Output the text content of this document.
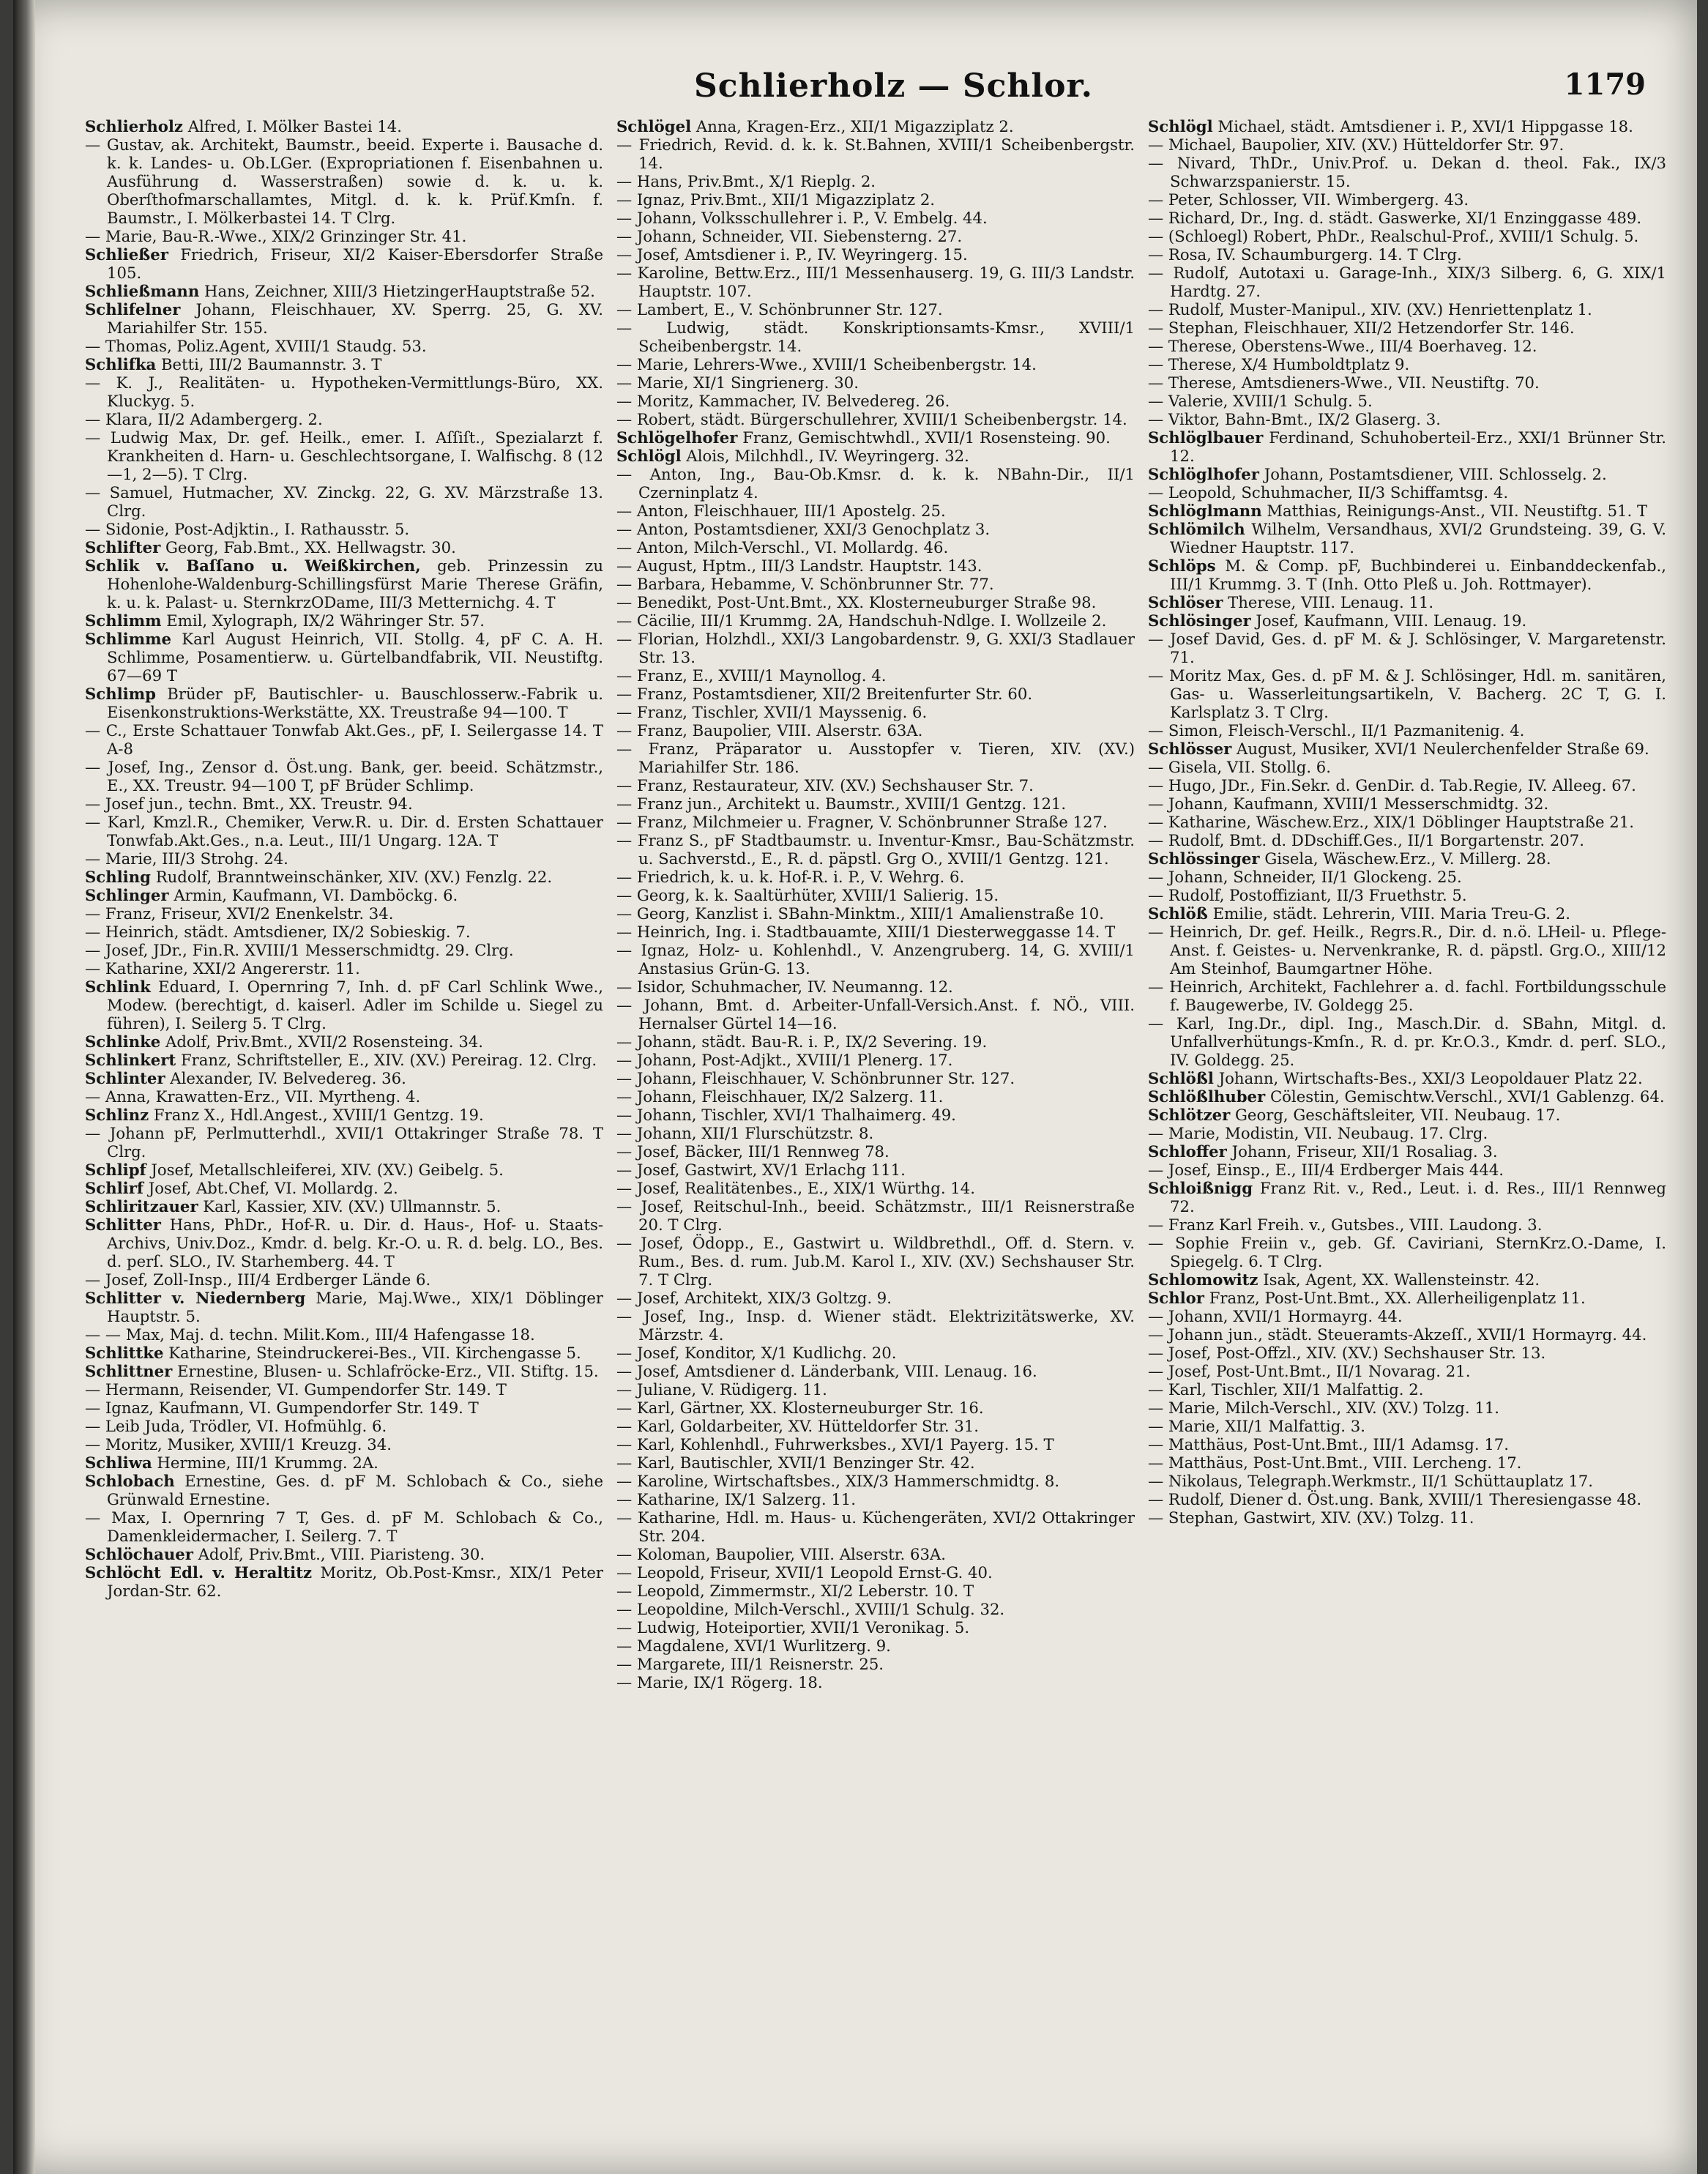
Schlierholz — Schlor.	1179
Schlierholz Alfred, I. Mölker Bastei 14.
— Gustav, ak. Architekt, Baumstr., beeid. Experte i. Bausache d. k. k. Landes- u. Ob.LGer. (Expropriationen f. Eisenbahnen u. Ausführung d. Wasserstraßen) sowie d. k. u. k. Oberſthofmarschallamtes, Mitgl. d. k. k. Prüf.Kmſn. f. Baumstr., I. Mölkerbastei 14. T Clrg.
— Marie, Bau-R.-Wwe., XIX/2 Grinzinger Str. 41.
Schließer Friedrich, Friseur, XI/2 Kaiser-Ebersdorfer Straße 105.
Schließmann Hans, Zeichner, XIII/3 HietzingerHauptstraße 52.
Schlifelner Johann, Fleischhauer, XV. Sperrg. 25, G. XV. Mariahilfer Str. 155.
— Thomas, Poliz.Agent, XVIII/1 Staudg. 53.
Schlifka Betti, III/2 Baumannstr. 3. T
— K. J., Realitäten- u. Hypotheken-Vermittlungs-Büro, XX. Kluckyg. 5.
— Klara, II/2 Adambergerg. 2.
— Ludwig Max, Dr. gef. Heilk., emer. I. Aſſiſt., Spezialarzt f. Krankheiten d. Harn- u. Geschlechtsorgane, I. Walfischg. 8 (12—1, 2—5). T Clrg.
— Samuel, Hutmacher, XV. Zinckg. 22, G. XV. Märzstraße 13. Clrg.
— Sidonie, Post-Adjktin., I. Rathausstr. 5.
Schlifter Georg, Fab.Bmt., XX. Hellwagstr. 30.
Schlik v. Baſſano u. Weißkirchen, geb. Prinzessin zu Hohenlohe-Waldenburg-Schillingsfürst Marie Therese Gräfin, k. u. k. Palast- u. SternkrzODame, III/3 Metternichg. 4. T
Schlimm Emil, Xylograph, IX/2 Währinger Str. 57.
Schlimme Karl August Heinrich, VII. Stollg. 4, pF C. A. H. Schlimme, Posamentierw. u. Gürtelbandfabrik, VII. Neustiftg. 67—69 T
Schlimp Brüder pF, Bautischler- u. Bauschlosserw.-Fabrik u. Eisenkonstruktions-Werkstätte, XX. Treustraße 94—100. T
— C., Erste Schattauer Tonwfab Akt.Ges., pF, I. Seilergasse 14. T A-8
— Josef, Ing., Zensor d. Öst.ung. Bank, ger. beeid. Schätzmstr., E., XX. Treustr. 94—100 T, pF Brüder Schlimp.
— Josef jun., techn. Bmt., XX. Treustr. 94.
— Karl, Kmzl.R., Chemiker, Verw.R. u. Dir. d. Ersten Schattauer Tonwfab.Akt.Ges., n.a. Leut., III/1 Ungarg. 12A. T
— Marie, III/3 Strohg. 24.
Schling Rudolf, Branntweinschänker, XIV. (XV.) Fenzlg. 22.
Schlinger Armin, Kaufmann, VI. Damböckg. 6.
— Franz, Friseur, XVI/2 Enenkelstr. 34.
— Heinrich, städt. Amtsdiener, IX/2 Sobieskig. 7.
— Josef, JDr., Fin.R. XVIII/1 Messerschmidtg. 29. Clrg.
— Katharine, XXI/2 Angererstr. 11.
Schlink Eduard, I. Opernring 7, Inh. d. pF Carl Schlink Wwe., Modew. (berechtigt, d. kaiserl. Adler im Schilde u. Siegel zu führen), I. Seilerg 5. T Clrg.
Schlinke Adolf, Priv.Bmt., XVII/2 Rosensteing. 34.
Schlinkert Franz, Schriftsteller, E., XIV. (XV.) Pereirag. 12. Clrg.
Schlinter Alexander, IV. Belvedereg. 36.
— Anna, Krawatten-Erz., VII. Myrtheng. 4.
Schlinz Franz X., Hdl.Angest., XVIII/1 Gentzg. 19.
— Johann pF, Perlmutterhdl., XVII/1 Ottakringer Straße 78. T Clrg.
Schlipf Josef, Metallschleiferei, XIV. (XV.) Geibelg. 5.
Schlirf Josef, Abt.Chef, VI. Mollardg. 2.
Schliritzauer Karl, Kassier, XIV. (XV.) Ullmannstr. 5.
Schlitter Hans, PhDr., Hof-R. u. Dir. d. Haus-, Hof- u. Staats-Archivs, Univ.Doz., Kmdr. d. belg. Kr.-O. u. R. d. belg. LO., Bes. d. perſ. SLO., IV. Starhemberg. 44. T
— Josef, Zoll-Insp., III/4 Erdberger Lände 6.
Schlitter v. Niedernberg Marie, Maj.Wwe., XIX/1 Döblinger Hauptstr. 5.
— — Max, Maj. d. techn. Milit.Kom., III/4 Hafengasse 18.
Schlittke Katharine, Steindruckerei-Bes., VII. Kirchengasse 5.
Schlittner Ernestine, Blusen- u. Schlafröcke-Erz., VII. Stiftg. 15.
— Hermann, Reisender, VI. Gumpendorfer Str. 149. T
— Ignaz, Kaufmann, VI. Gumpendorfer Str. 149. T
— Leib Juda, Trödler, VI. Hofmühlg. 6.
— Moritz, Musiker, XVIII/1 Kreuzg. 34.
Schliwa Hermine, III/1 Krummg. 2A.
Schlobach Ernestine, Ges. d. pF M. Schlobach & Co., siehe Grünwald Ernestine.
— Max, I. Opernring 7 T, Ges. d. pF M. Schlobach & Co., Damenkleidermacher, I. Seilerg. 7. T
Schlöchauer Adolf, Priv.Bmt., VIII. Piaristeng. 30.
Schlöcht Edl. v. Heraltitz Moritz, Ob.Post-Kmsr., XIX/1 Peter Jordan-Str. 62.
Schlögel Anna, Kragen-Erz., XII/1 Migazziplatz 2.
— Friedrich, Revid. d. k. k. St.Bahnen, XVIII/1 Scheibenbergstr. 14.
— Hans, Priv.Bmt., X/1 Rieplg. 2.
— Ignaz, Priv.Bmt., XII/1 Migazziplatz 2.
— Johann, Volksschullehrer i. P., V. Embelg. 44.
— Johann, Schneider, VII. Siebensterng. 27.
— Josef, Amtsdiener i. P., IV. Weyringerg. 15.
— Karoline, Bettw.Erz., III/1 Messenhauserg. 19, G. III/3 Landstr. Hauptstr. 107.
— Lambert, E., V. Schönbrunner Str. 127.
— Ludwig, städt. Konskriptionsamts-Kmsr., XVIII/1 Scheibenbergstr. 14.
— Marie, Lehrers-Wwe., XVIII/1 Scheibenbergstr. 14.
— Marie, XI/1 Singrienerg. 30.
— Moritz, Kammacher, IV. Belvedereg. 26.
— Robert, städt. Bürgerschullehrer, XVIII/1 Scheibenbergstr. 14.
Schlögelhofer Franz, Gemischtwhdl., XVII/1 Rosensteing. 90.
Schlögl Alois, Milchhdl., IV. Weyringerg. 32.
— Anton, Ing., Bau-Ob.Kmsr. d. k. k. NBahn-Dir., II/1 Czerninplatz 4.
— Anton, Fleischhauer, III/1 Apostelg. 25.
— Anton, Postamtsdiener, XXI/3 Genochplatz 3.
— Anton, Milch-Verschl., VI. Mollardg. 46.
— August, Hptm., III/3 Landstr. Hauptstr. 143.
— Barbara, Hebamme, V. Schönbrunner Str. 77.
— Benedikt, Post-Unt.Bmt., XX. Klosterneuburger Straße 98.
— Cäcilie, III/1 Krummg. 2A, Handschuh-Ndlge. I. Wollzeile 2.
— Florian, Holzhdl., XXI/3 Langobardenstr. 9, G. XXI/3 Stadlauer Str. 13.
— Franz, E., XVIII/1 Maynollog. 4.
— Franz, Postamtsdiener, XII/2 Breitenfurter Str. 60.
— Franz, Tischler, XVII/1 Mayssenig. 6.
— Franz, Baupolier, VIII. Alserstr. 63A.
— Franz, Präparator u. Ausstopfer v. Tieren, XIV. (XV.) Mariahilfer Str. 186.
— Franz, Restaurateur, XIV. (XV.) Sechshauser Str. 7.
— Franz jun., Architekt u. Baumstr., XVIII/1 Gentzg. 121.
— Franz, Milchmeier u. Fragner, V. Schönbrunner Straße 127.
— Franz S., pF Stadtbaumstr. u. Inventur-Kmsr., Bau-Schätzmstr. u. Sachverstd., E., R. d. päpstl. Grg O., XVIII/1 Gentzg. 121.
— Friedrich, k. u. k. Hof-R. i. P., V. Wehrg. 6.
— Georg, k. k. Saaltürhüter, XVIII/1 Salierig. 15.
— Georg, Kanzlist i. SBahn-Minktm., XIII/1 Amalienstraße 10.
— Heinrich, Ing. i. Stadtbauamte, XIII/1 Diesterweggasse 14. T
— Ignaz, Holz- u. Kohlenhdl., V. Anzengruberg. 14, G. XVIII/1 Anstasius Grün-G. 13.
— Isidor, Schuhmacher, IV. Neumanng. 12.
— Johann, Bmt. d. Arbeiter-Unfall-Versich.Anst. f. NÖ., VIII. Hernalser Gürtel 14—16.
— Johann, städt. Bau-R. i. P., IX/2 Severing. 19.
— Johann, Post-Adjkt., XVIII/1 Plenerg. 17.
— Johann, Fleischhauer, V. Schönbrunner Str. 127.
— Johann, Fleischhauer, IX/2 Salzerg. 11.
— Johann, Tischler, XVI/1 Thalhaimerg. 49.
— Johann, XII/1 Flurschützstr. 8.
— Josef, Bäcker, III/1 Rennweg 78.
— Josef, Gastwirt, XV/1 Erlachg 111.
— Josef, Realitätenbes., E., XIX/1 Würthg. 14.
— Josef, Reitschul-Inh., beeid. Schätzmstr., III/1 Reisnerstraße 20. T Clrg.
— Josef, Ödopp., E., Gastwirt u. Wildbrethdl., Off. d. Stern. v. Rum., Bes. d. rum. Jub.M. Karol I., XIV. (XV.) Sechshauser Str. 7. T Clrg.
— Josef, Architekt, XIX/3 Goltzg. 9.
— Josef, Ing., Insp. d. Wiener städt. Elektrizitätswerke, XV. Märzstr. 4.
— Josef, Konditor, X/1 Kudlichg. 20.
— Josef, Amtsdiener d. Länderbank, VIII. Lenaug. 16.
— Juliane, V. Rüdigerg. 11.
— Karl, Gärtner, XX. Klosterneuburger Str. 16.
— Karl, Goldarbeiter, XV. Hütteldorfer Str. 31.
— Karl, Kohlenhdl., Fuhrwerksbes., XVI/1 Payerg. 15. T
— Karl, Bautischler, XVII/1 Benzinger Str. 42.
— Karoline, Wirtschaftsbes., XIX/3 Hammerschmidtg. 8.
— Katharine, IX/1 Salzerg. 11.
— Katharine, Hdl. m. Haus- u. Küchengeräten, XVI/2 Ottakringer Str. 204.
— Koloman, Baupolier, VIII. Alserstr. 63A.
— Leopold, Friseur, XVII/1 Leopold Ernst-G. 40.
— Leopold, Zimmermstr., XI/2 Leberstr. 10. T
— Leopoldine, Milch-Verschl., XVIII/1 Schulg. 32.
— Ludwig, Hoteiportier, XVII/1 Veronikag. 5.
— Magdalene, XVI/1 Wurlitzerg. 9.
— Margarete, III/1 Reisnerstr. 25.
— Marie, IX/1 Rögerg. 18.
Schlögl Michael, städt. Amtsdiener i. P., XVI/1 Hippgasse 18.
— Michael, Baupolier, XIV. (XV.) Hütteldorfer Str. 97.
— Nivard, ThDr., Univ.Prof. u. Dekan d. theol. Fak., IX/3 Schwarzspanierstr. 15.
— Peter, Schlosser, VII. Wimbergerg. 43.
— Richard, Dr., Ing. d. städt. Gaswerke, XI/1 Enzinggasse 489.
— (Schloegl) Robert, PhDr., Realschul-Prof., XVIII/1 Schulg. 5.
— Rosa, IV. Schaumburgerg. 14. T Clrg.
— Rudolf, Autotaxi u. Garage-Inh., XIX/3 Silberg. 6, G. XIX/1 Hardtg. 27.
— Rudolf, Muster-Manipul., XIV. (XV.) Henriettenplatz 1.
— Stephan, Fleischhauer, XII/2 Hetzendorfer Str. 146.
— Therese, Oberstens-Wwe., III/4 Boerhaveg. 12.
— Therese, X/4 Humboldtplatz 9.
— Therese, Amtsdieners-Wwe., VII. Neustiftg. 70.
— Valerie, XVIII/1 Schulg. 5.
— Viktor, Bahn-Bmt., IX/2 Glaserg. 3.
Schlöglbauer Ferdinand, Schuhoberteil-Erz., XXI/1 Brünner Str. 12.
Schlöglhofer Johann, Postamtsdiener, VIII. Schlosselg. 2.
— Leopold, Schuhmacher, II/3 Schiffamtsg. 4.
Schlöglmann Matthias, Reinigungs-Anst., VII. Neustiftg. 51. T
Schlömilch Wilhelm, Versandhaus, XVI/2 Grundsteing. 39, G. V. Wiedner Hauptstr. 117.
Schlöps M. & Comp. pF, Buchbinderei u. Einbanddeckenfab., III/1 Krummg. 3. T (Inh. Otto Pleß u. Joh. Rottmayer).
Schlöser Therese, VIII. Lenaug. 11.
Schlösinger Josef, Kaufmann, VIII. Lenaug. 19.
— Josef David, Ges. d. pF M. & J. Schlösinger, V. Margaretenstr. 71.
— Moritz Max, Ges. d. pF M. & J. Schlösinger, Hdl. m. sanitären, Gas- u. Wasserleitungsartikeln, V. Bacherg. 2C T, G. I. Karlsplatz 3. T Clrg.
— Simon, Fleisch-Verschl., II/1 Pazmanitenig. 4.
Schlösser August, Musiker, XVI/1 Neulerchenfelder Straße 69.
— Gisela, VII. Stollg. 6.
— Hugo, JDr., Fin.Sekr. d. GenDir. d. Tab.Regie, IV. Alleeg. 67.
— Johann, Kaufmann, XVIII/1 Messerschmidtg. 32.
— Katharine, Wäschew.Erz., XIX/1 Döblinger Hauptstraße 21.
— Rudolf, Bmt. d. DDschiff.Ges., II/1 Borgartenstr. 207.
Schlössinger Gisela, Wäschew.Erz., V. Millerg. 28.
— Johann, Schneider, II/1 Glockeng. 25.
— Rudolf, Postoffiziant, II/3 Fruethstr. 5.
Schlöß Emilie, städt. Lehrerin, VIII. Maria Treu-G. 2.
— Heinrich, Dr. gef. Heilk., Regrs.R., Dir. d. n.ö. LHeil- u. Pflege-Anst. f. Geistes- u. Nervenkranke, R. d. päpstl. Grg.O., XIII/12 Am Steinhof, Baumgartner Höhe.
— Heinrich, Architekt, Fachlehrer a. d. fachl. Fortbildungsschule f. Baugewerbe, IV. Goldegg 25.
— Karl, Ing.Dr., dipl. Ing., Masch.Dir. d. SBahn, Mitgl. d. Unfallverhütungs-Kmſn., R. d. pr. Kr.O.3., Kmdr. d. perſ. SLO., IV. Goldegg. 25.
Schlößl Johann, Wirtschafts-Bes., XXI/3 Leopoldauer Platz 22.
Schlößlhuber Cölestin, Gemischtw.Verschl., XVI/1 Gablenzg. 64.
Schlötzer Georg, Geschäftsleiter, VII. Neubaug. 17.
— Marie, Modistin, VII. Neubaug. 17. Clrg.
Schloffer Johann, Friseur, XII/1 Rosaliag. 3.
— Josef, Einsp., E., III/4 Erdberger Mais 444.
Schloißnigg Franz Rit. v., Red., Leut. i. d. Res., III/1 Rennweg 72.
— Franz Karl Freih. v., Gutsbes., VIII. Laudong. 3.
— Sophie Freiin v., geb. Gf. Caviriani, SternKrz.O.-Dame, I. Spiegelg. 6. T Clrg.
Schlomowitz Isak, Agent, XX. Wallensteinstr. 42.
Schlor Franz, Post-Unt.Bmt., XX. Allerheiligenplatz 11.
— Johann, XVII/1 Hormayrg. 44.
— Johann jun., städt. Steueramts-Akzeſſ., XVII/1 Hormayrg. 44.
— Josef, Post-Offzl., XIV. (XV.) Sechshauser Str. 13.
— Josef, Post-Unt.Bmt., II/1 Novarag. 21.
— Karl, Tischler, XII/1 Malfattig. 2.
— Marie, Milch-Verschl., XIV. (XV.) Tolzg. 11.
— Marie, XII/1 Malfattig. 3.
— Matthäus, Post-Unt.Bmt., III/1 Adamsg. 17.
— Matthäus, Post-Unt.Bmt., VIII. Lercheng. 17.
— Nikolaus, Telegraph.Werkmstr., II/1 Schüttauplatz 17.
— Rudolf, Diener d. Öst.ung. Bank, XVIII/1 Theresiengasse 48.
— Stephan, Gastwirt, XIV. (XV.) Tolzg. 11.
